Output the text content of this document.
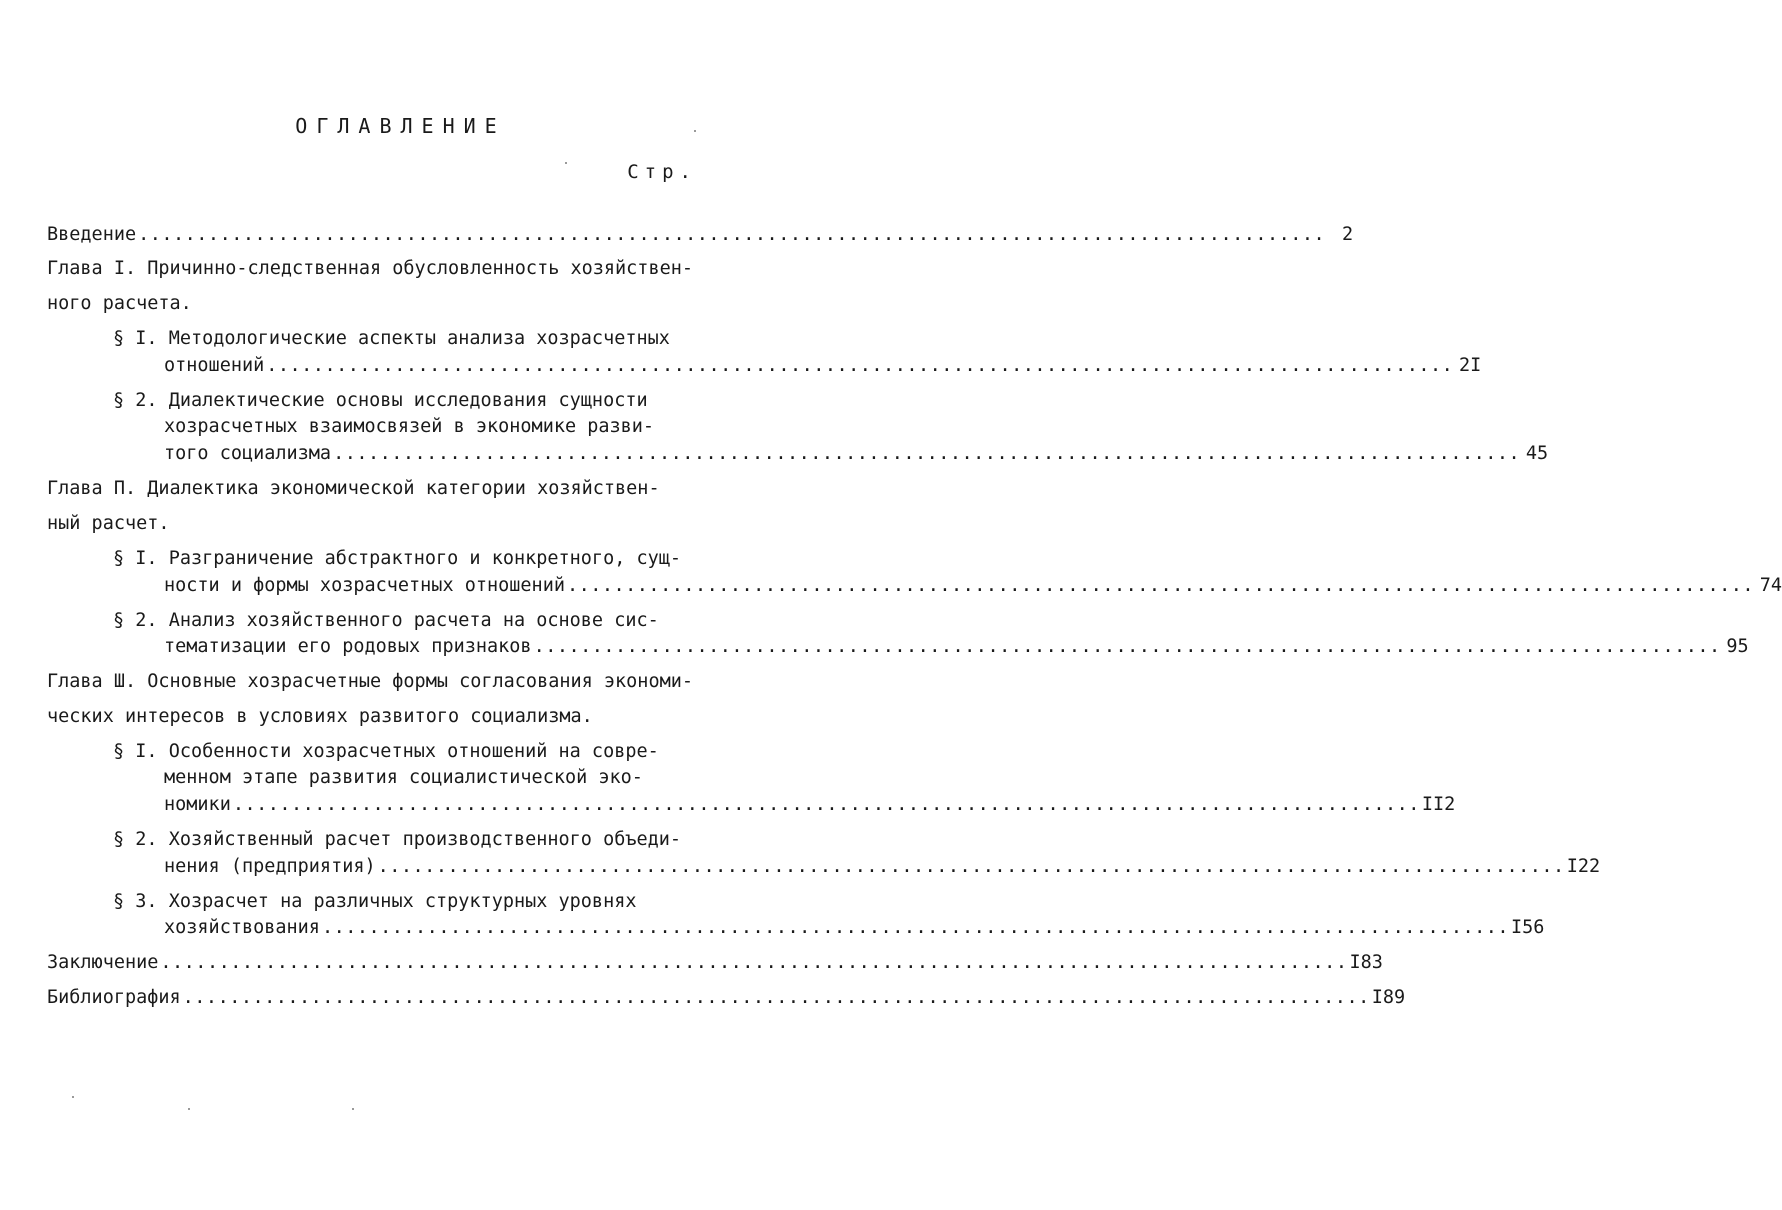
ОГЛАВЛЕНИЕ
Стр.
Введение ...................................................................................................... 2
Глава I. Причинно-следственная обусловленность хозяйствен-
ного расчета.
§ I. Методологические аспекты анализа хозрасчетных
отношений ...................................................................................................... 2I
§ 2. Диалектические основы исследования сущности
хозрасчетных взаимосвязей в экономике разви-
того социализма ...................................................................................................... 45
Глава П. Диалектика экономической категории хозяйствен-
ный расчет.
§ I. Разграничение абстрактного и конкретного, сущ-
ности и формы хозрасчетных отношений ...................................................................................................... 74
§ 2. Анализ хозяйственного расчета на основе сис-
тематизации его родовых признаков ...................................................................................................... 95
Глава Ш. Основные хозрасчетные формы согласования экономи-
ческих интересов в условиях развитого социализма.
§ I. Особенности хозрасчетных отношений на совре-
менном этапе развития социалистической эко-
номики ...................................................................................................... II2
§ 2. Хозяйственный расчет производственного объеди-
нения (предприятия) ...................................................................................................... I22
§ 3. Хозрасчет на различных структурных уровнях
хозяйствования ...................................................................................................... I56
Заключение ...................................................................................................... I83
Библиография ...................................................................................................... I89
